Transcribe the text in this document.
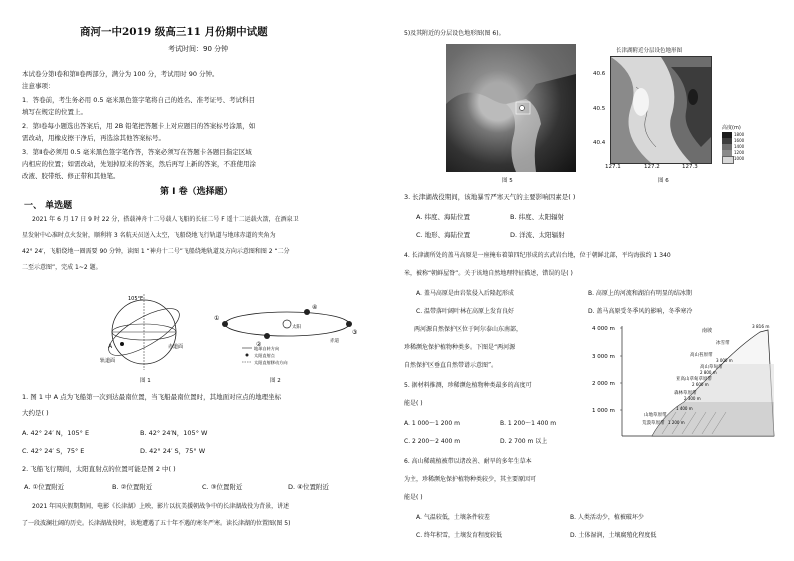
商河一中2019 级高三11 月份期中试题
考试时间：90 分钟
本试卷分第Ⅰ卷和第Ⅱ卷两部分，满分为 100 分，考试用时 90 分钟。
注意事项：
1．答卷前，考生务必用 0.5 毫米黑色签字笔将自己的姓名、准考证号、考试科目
填写在规定的位置上。
2．第Ⅰ卷每小题选出答案后，用 2B 铅笔把答题卡上对应题目的答案标号涂黑，如
需改动，用橡皮擦干净后，再选涂其他答案标号。
3．第Ⅱ卷必须用 0.5 毫米黑色签字笔作答，答案必须写在答题卡各题目指定区域
内相应的位置；如需改动，先划掉原来的答案，然后再写上新的答案，不准使用涂
改液、胶带纸、修正带和其他笔。
第 Ⅰ 卷（选择题）
一、 单选题
2021 年 6 月 17 日 9 时 22 分，搭载神舟十二号载人飞船的长征二号 F 遥十二运载火箭，在酒泉卫
星发射中心准时点火发射，顺利将 3 名航天员送入太空，飞船绕地飞行轨道与地球赤道的夹角为
42° 24′，飞船绕地一圈需要 90 分钟，读图 1 “神舟十二号”飞船绕地轨道及方向示意图和图 2 “二分
二至示意图”，完成 1~2 题。
A
105°E
轨道面
赤道面
图 1
①
②
③
④
太阳
赤道
地球自转方向
太阳直射点
太阳直射移动方向
图 2
1. 图 1 中 A 点为飞船第一次到达最南位置，当飞船最南位置时，其地面对应点的地理坐标
大约是( )
A. 42° 24′ N，105° E	B. 42° 24′N，105° W
C. 42° 24′ S，75° E	D. 42° 24′ S，75° W
2. 飞船飞行期间，太阳直射点的位置可能是图 2 中( )
A. ①位置附近	B. ②位置附近	C. ③位置附近	D. ④位置附近
2021 年国庆假期期间，电影《长津湖》上映，影片以抗美援朝战争中的长津湖战役为背景，讲述
了一段波澜壮阔的历史。长津湖战役时，该地遭遇了五十年不遇的寒冬严寒。读长津湖的位置图(图 5)
5)及其附近的分层设色地形图(图 6)。
图 5
长津湖附近分层设色地形图
40.6
40.5
40.4
127.1	127.2	127.3
高度(m)
1800
1600
1400
1200
1000
图 6
3. 长津湖战役期间，该地暴雪严寒天气的主要影响因素是( )
A. 纬度、海陆位置	B. 纬度、太阳辐射
C. 地形、海陆位置	D. 洋流、太阳辐射
4. 长津湖所处的盖马高原是一座掩布着第四纪形成的玄武岩台地，位于朝鲜北部，平均海拔约 1 340
米，被称“朝鲜屋脊”。关于该地自然地理特征描述，错误的是( )
A. 盖马高原是由岩浆侵入后隆起形成	B. 高原上的河流和湖泊有明显的结冰期
C. 温带落叶阔叶林在高原上发育良好	D. 盖马高原受冬季风的影响，冬季寒冷
两河源自然保护区位于阿尔泰山东南部，
珍稀濒危保护植物种类多。下图是“两河源
自然保护区垂直自然带谱示意图”。
4 000 m
3 000 m
2 000 m
1 000 m
南坡
3 816 m
冰雪带
高山苔原带
3 000 m
高山草甸带
2 800 m
亚高山草甸草原带
2 600 m
森林草原带
2 300 m
1 400 m
山地草原带
荒漠草原带 1 200 m
5. 据材料推测，珍稀濒危植物种类最多的高度可
能是( )
A. 1 000～1 200 m	B. 1 200～1 400 m
C. 2 200～2 400 m	D. 2 700 m 以上
6. 高山稀疏植被带以诸改善、耐旱的多年生草本
为主，珍稀濒危保护植物种类较少，其主要原因可
能是( )
A. 气温较低，土壤条件较差	B. 人类活动少，植被破坏少
C. 终年积雪，土壤发育程度较低	D. 土体湿润，土壤腐殖化程度低
